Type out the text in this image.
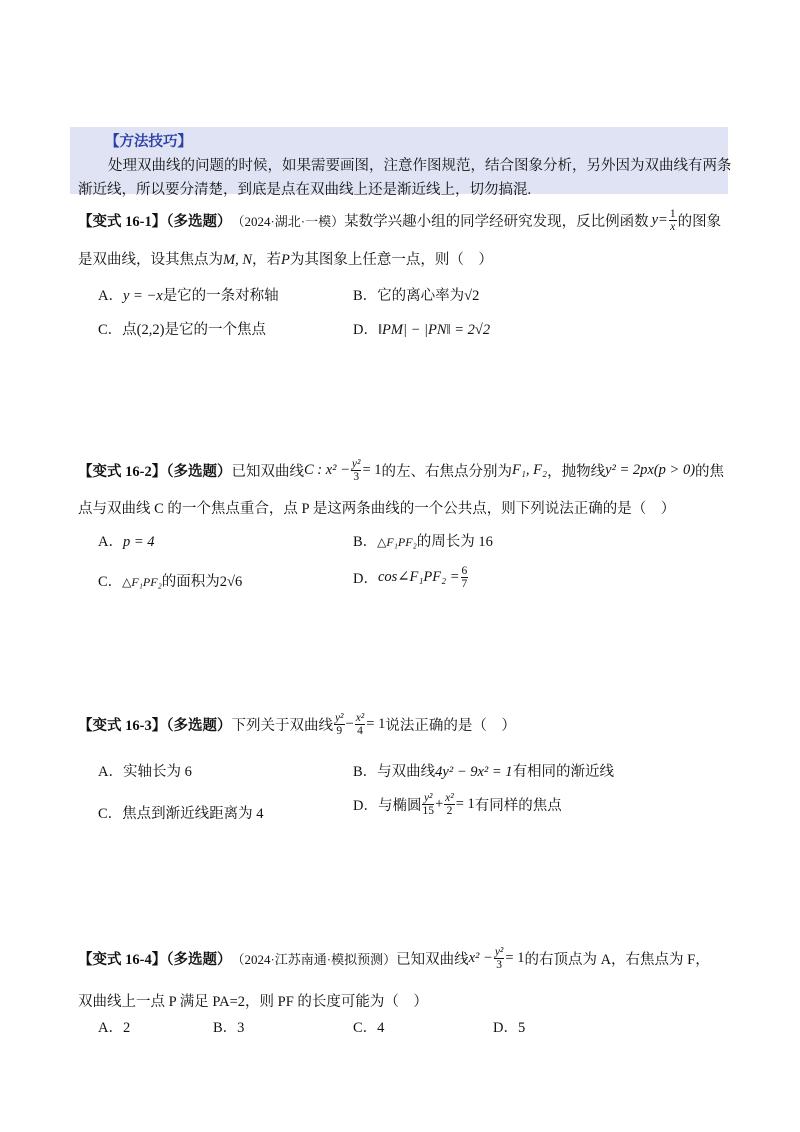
【方法技巧】
处理双曲线的问题的时候，如果需要画图，注意作图规范，结合图象分析，另外因为双曲线有两条
渐近线，所以要分清楚，到底是点在双曲线上还是渐近线上，切勿搞混.
【变式 16-1】（多选题） （2024·湖北·一模） 某数学兴趣小组的同学经研究发现，反比例函数 $y= \frac{1}{x}$ 的图象
是双曲线，设其焦点为M, N，若P为其图象上任意一点，则（　）
A．y = −x是它的一条对称轴	B．它的离心率为√2
C．点(2,2)是它的一个焦点	D．‖PM| − |PN‖ = 2√2
【变式 16-2】（多选题） 已知双曲线 C : $x^2 - \frac{\text{y²}}{3} = 1$ 的左、右焦点分别为 F₁, F₂ ，抛物线 y² = 2px(p > 0) 的焦
点与双曲线 C 的一个焦点重合，点 P 是这两条曲线的一个公共点，则下列说法正确的是（　）
A．p = 4	B．△F₁PF₂的周长为 16
C．△F₁PF₂的面积为2√6	D． cos∠F₁PF₂ = $\frac{6}{7}$
【变式 16-3】（多选题） 下列关于双曲线 $\frac{\text{y²}}{9} - \frac{\text{x²}}{4} = 1$ 说法正确的是（　）
A．实轴长为 6	B．与双曲线4y² − 9x² = 1有相同的渐近线
C．焦点到渐近线距离为 4	D． 与椭圆 $\frac{\text{y²}}{15} + \frac{\text{x²}}{2} = 1$ 有同样的焦点
【变式 16-4】（多选题） （2024·江苏南通·模拟预测） 已知双曲线 $x^2 - \frac{\text{y²}}{3} = 1$ 的右顶点为 A，右焦点为 F，
双曲线上一点 P 满足 PA=2，则 PF 的长度可能为（　）
A．2	B．3	C．4	D．5
